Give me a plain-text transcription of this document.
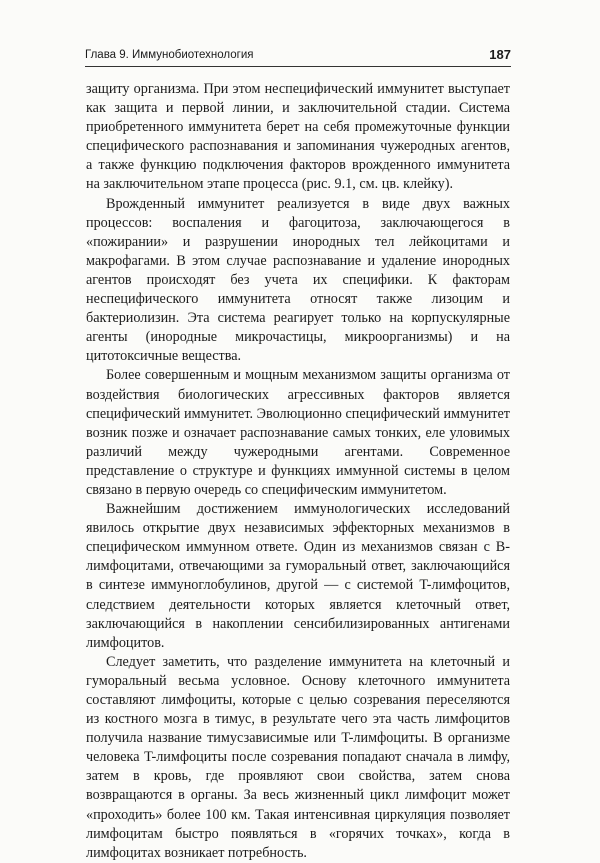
Глава 9. Иммунобиотехнология	187

защиту организма. При этом неспецифический иммунитет выступает как защита и первой линии, и заключительной стадии. Система приобретенного иммунитета берет на себя промежуточные функции специфического распознавания и запоминания чужеродных агентов, а также функцию подключения факторов врожденного иммунитета на заключительном этапе процесса (рис. 9.1, см. цв. клейку).

Врожденный иммунитет реализуется в виде двух важных процессов: воспаления и фагоцитоза, заключающегося в «пожирании» и разрушении инородных тел лейкоцитами и макрофагами. В этом случае распознавание и удаление инородных агентов происходят без учета их специфики. К факторам неспецифического иммунитета относят также лизоцим и бактериолизин. Эта система реагирует только на корпускулярные агенты (инородные микрочастицы, микроорганизмы) и на цитотоксичные вещества.

Более совершенным и мощным механизмом защиты организма от воздействия биологических агрессивных факторов является специфический иммунитет. Эволюционно специфический иммунитет возник позже и означает распознавание самых тонких, еле уловимых различий между чужеродными агентами. Современное представление о структуре и функциях иммунной системы в целом связано в первую очередь со специфическим иммунитетом.

Важнейшим достижением иммунологических исследований явилось открытие двух независимых эффекторных механизмов в специфическом иммунном ответе. Один из механизмов связан с B-лимфоцитами, отвечающими за гуморальный ответ, заключающийся в синтезе иммуноглобулинов, другой — с системой T-лимфоцитов, следствием деятельности которых является клеточный ответ, заключающийся в накоплении сенсибилизированных антигенами лимфоцитов.

Следует заметить, что разделение иммунитета на клеточный и гуморальный весьма условное. Основу клеточного иммунитета составляют лимфоциты, которые с целью созревания переселяются из костного мозга в тимус, в результате чего эта часть лимфоцитов получила название тимусзависимые или T-лимфоциты. В организме человека T-лимфоциты после созревания попадают сначала в лимфу, затем в кровь, где проявляют свои свойства, затем снова возвращаются в органы. За весь жизненный цикл лимфоцит может «проходить» более 100 км. Такая интенсивная циркуляция позволяет лимфоцитам быстро появляться в «горячих точках», когда в лимфоцитах возникает потребность.
